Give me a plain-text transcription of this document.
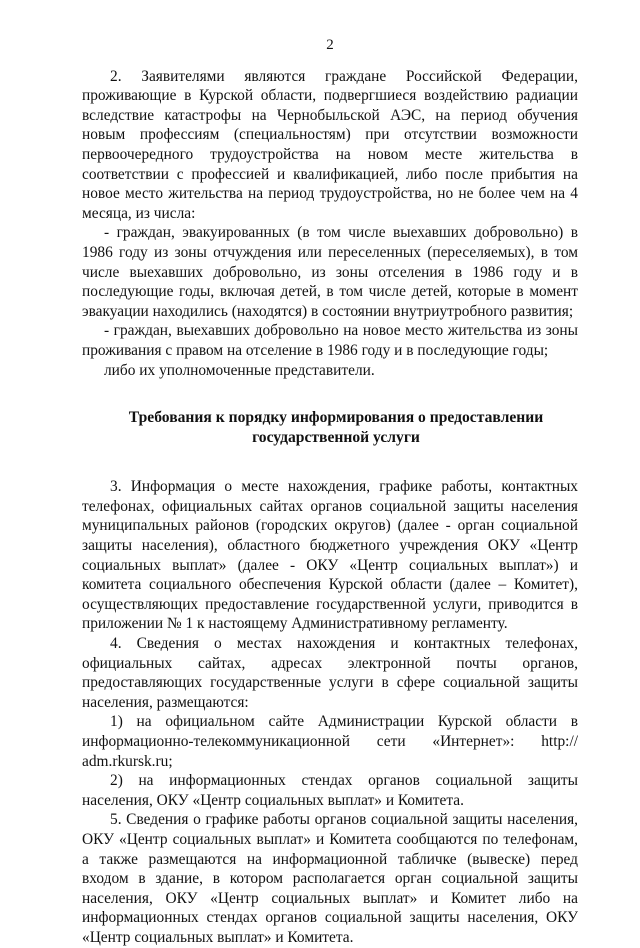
2

2. Заявителями являются граждане Российской Федерации, проживающие в Курской области, подвергшиеся воздействию радиации вследствие катастрофы на Чернобыльской АЭС, на период обучения новым профессиям (специальностям) при отсутствии возможности первоочередного трудоустройства на новом месте жительства в соответствии с профессией и квалификацией, либо после прибытия на новое место жительства на период трудоустройства, но не более чем на 4 месяца, из числа:

- граждан, эвакуированных (в том числе выехавших добровольно) в 1986 году из зоны отчуждения или переселенных (переселяемых), в том числе выехавших добровольно, из зоны отселения в 1986 году и в последующие годы, включая детей, в том числе детей, которые в момент эвакуации находились (находятся) в состоянии внутриутробного развития;

- граждан, выехавших добровольно на новое место жительства из зоны проживания с правом на отселение в 1986 году и в последующие годы;

либо их уполномоченные представители.

Требования к порядку информирования о предоставлении
государственной услуги

3. Информация о месте нахождения, графике работы, контактных телефонах, официальных сайтах органов социальной защиты населения муниципальных районов (городских округов) (далее - орган социальной защиты населения), областного бюджетного учреждения ОКУ «Центр социальных выплат» (далее - ОКУ «Центр социальных выплат») и комитета социального обеспечения Курской области (далее – Комитет), осуществляющих предоставление государственной услуги, приводится в приложении № 1 к настоящему Административному регламенту.

4. Сведения о местах нахождения и контактных телефонах, официальных сайтах, адресах электронной почты органов, предоставляющих государственные услуги в сфере социальной защиты населения, размещаются:

1) на официальном сайте Администрации Курской области в информационно-телекоммуникационной сети «Интернет»: http:// adm.rkursk.ru;

2) на информационных стендах органов социальной защиты населения, ОКУ «Центр социальных выплат» и Комитета.

5. Сведения о графике работы органов социальной защиты населения, ОКУ «Центр социальных выплат» и Комитета сообщаются по телефонам, а также размещаются на информационной табличке (вывеске) перед входом в здание, в котором располагается орган социальной защиты населения, ОКУ «Центр социальных выплат» и Комитет либо на информационных стендах органов социальной защиты населения, ОКУ «Центр социальных выплат» и Комитета.
